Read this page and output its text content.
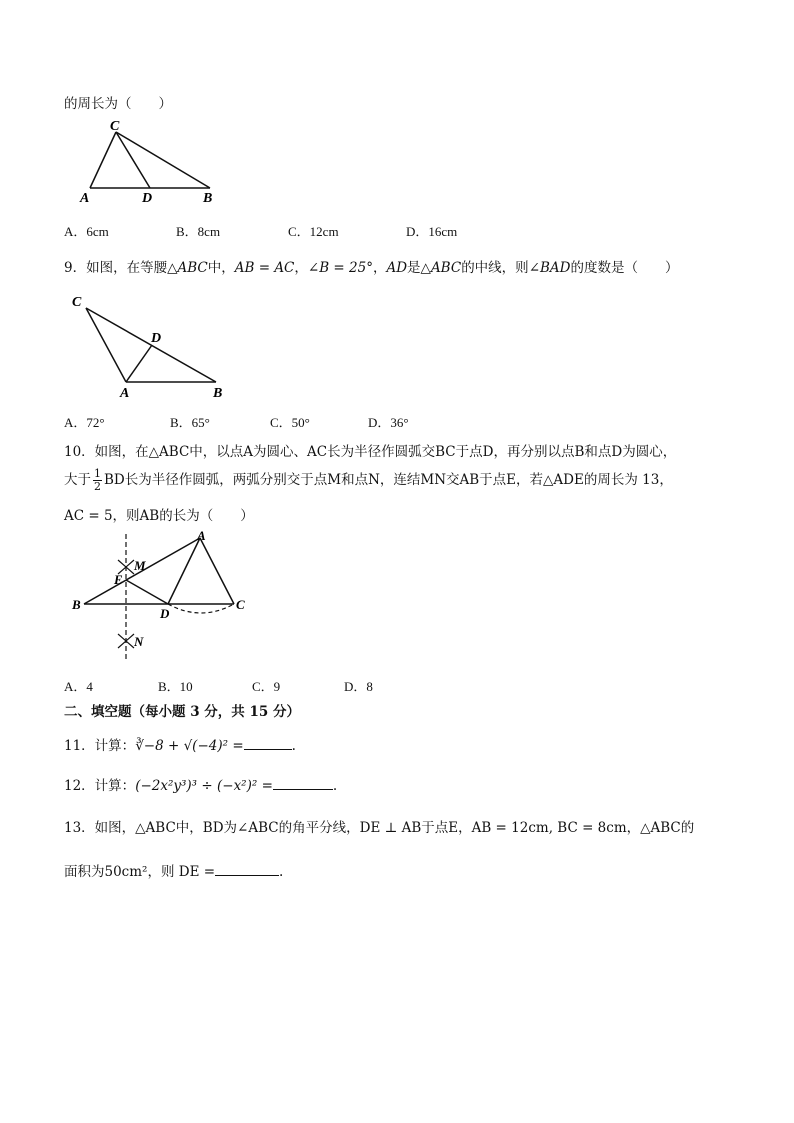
的周长为（　　）
C
A	D	B
A．6cm	B．8cm	C．12cm	D．16cm
9．如图，在等腰△ABC中，AB = AC，∠B = 25°，AD是△ABC的中线，则∠BAD的度数是（　　）
C
D
A	B
A．72°	B．65°	C．50°	D．36°
10．如图，在△ABC中，以点A为圆心、AC长为半径作圆弧交BC于点D，再分别以点B和点D为圆心，
大于 $\frac{1}{2}$ BD长为半径作圆弧，两弧分别交于点M和点N，连结MN交AB于点E，若△ADE的周长为 13，
AC = 5，则AB的长为（　　）
A
M
E
B
D
C
N
A．4	B．10	C．9	D．8
二、填空题（每小题 3 分，共 15 分）
11．计算：∛−8 + √(−4)² =	.
12．计算：(−2x²y³)³ ÷ (−x²)² =	.
13．如图，△ABC中，BD为∠ABC的角平分线，DE ⊥ AB于点E，AB = 12cm, BC = 8cm，△ABC的
面积为50cm²，则 DE =	.
